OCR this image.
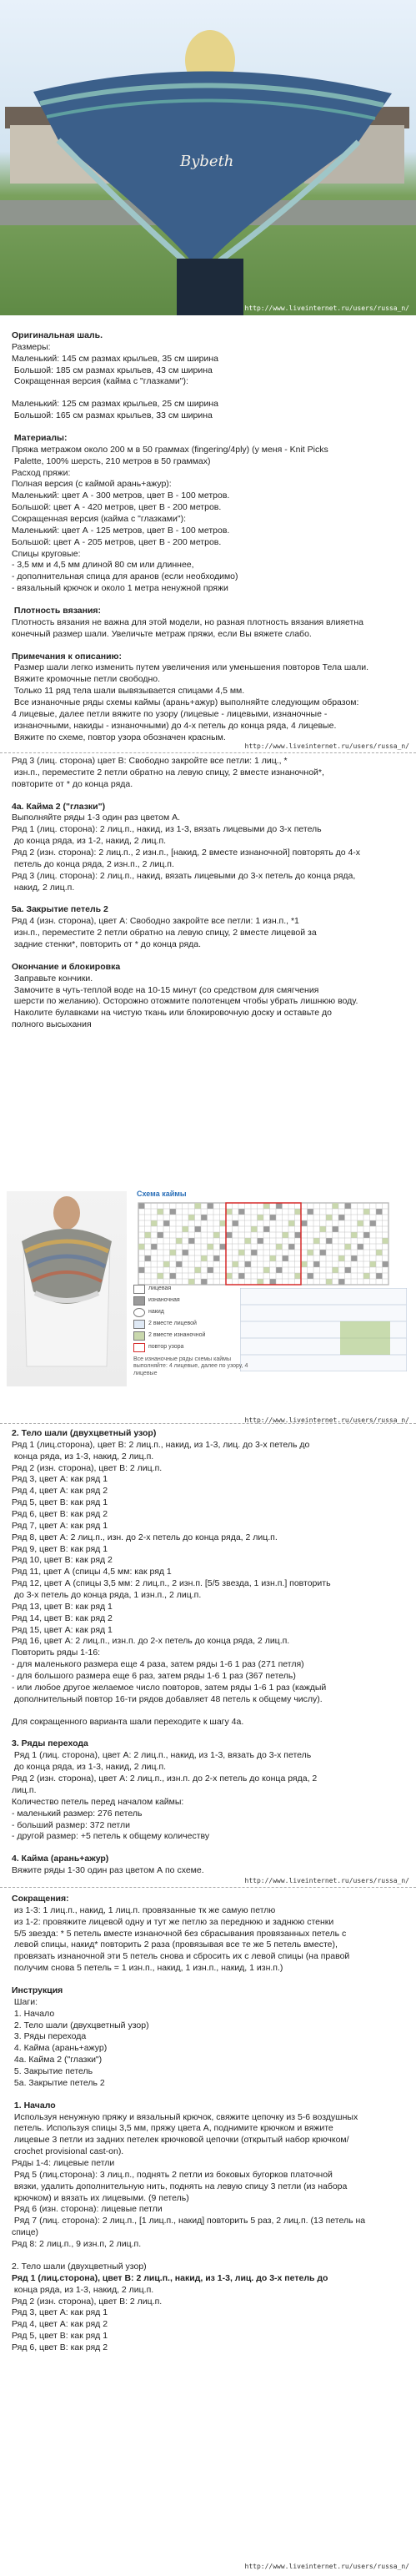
Bybeth
http://www.liveinternet.ru/users/russa_n/
Оригинальная шаль.
Размеры:
Маленький: 145 см размах крыльев, 35 см ширина
Большой: 185 см размах крыльев, 43 см ширина
Сокращенная версия (кайма с "глазками"):
Маленький: 125 см размах крыльев, 25 см ширина
Большой: 165 см размах крыльев, 33 см ширина
Материалы:
Пряжа метражом около 200 м в 50 граммах (fingering/4ply) (у меня - Knit Picks
Palette, 100% шерсть, 210 метров в 50 граммах)
Расход пряжи:
Полная версия (с каймой арань+ажур):
Маленький: цвет А - 300 метров, цвет В - 100 метров.
Большой: цвет А - 420 метров, цвет В - 200 метров.
Сокращенная версия (кайма с "глазками"):
Маленький: цвет А - 125 метров, цвет В - 100 метров.
Большой: цвет А - 205 метров, цвет В - 200 метров.
Спицы круговые:
- 3,5 мм и 4,5 мм длиной 80 см или длиннее,
- дополнительная спица для аранов (если необходимо)
- вязальный крючок и около 1 метра ненужной пряжи
Плотность вязания:
Плотность вязания не важна для этой модели, но разная плотность вязания влияетна
конечный размер шали. Увеличьте метраж пряжи, если Вы вяжете слабо.
Примечания к описанию:
Размер шали легко изменить путем увеличения или уменьшения повторов Тела шали.
Вяжите кромочные петли свободно.
Только 11 ряд тела шали вывязывается спицами 4,5 мм.
Все изнаночные ряды схемы каймы (арань+ажур) выполняйте следующим образом:
4 лицевые, далее петли вяжите по узору (лицевые - лицевыми, изнаночные -
изнаночными, накиды - изнаночными) до 4-х петель до конца ряда, 4 лицевые.
Вяжите по схеме, повтор узора обозначен красным.
http://www.liveinternet.ru/users/russa_n/
Ряд 3 (лиц. сторона) цвет В: Свободно закройте все петли: 1 лиц., *
изн.п., переместите 2 петли обратно на левую спицу, 2 вместе изнаночной*,
повторите от * до конца ряда.
4а. Кайма 2 ("глазки")
Выполняйте ряды 1-3 один раз цветом А.
Ряд 1 (лиц. сторона): 2 лиц.п., накид, из 1-3, вязать лицевыми до 3-х петель
до конца ряда, из 1-2, накид, 2 лиц.п.
Ряд 2 (изн. сторона): 2 лиц.п., 2 изн.п., [накид, 2 вместе изнаночной] повторять до 4-х
петель до конца ряда, 2 изн.п., 2 лиц.п.
Ряд 3 (лиц. сторона): 2 лиц.п., накид, вязать лицевыми до 3-х петель до конца ряда,
накид, 2 лиц.п.
5а. Закрытие петель 2
Ряд 4 (изн. сторона), цвет А: Свободно закройте все петли: 1 изн.п., *1
изн.п., переместите 2 петли обратно на левую спицу, 2 вместе лицевой за
задние стенки*, повторить от * до конца ряда.
Окончание и блокировка
Заправьте кончики.
Замочите в чуть-теплой воде на 10-15 минут (со средством для смягчения
шерсти по желанию). Осторожно отожмите полотенцем чтобы убрать лишнюю воду.
Наколите булавками на чистую ткань или блокировочную доску и оставьте до
полного высыхания
Схема каймы
лицевая
изнаночная
накид
2 вместе лицевой
2 вместе изнаночной
повтор узора
Все изнаночные ряды схемы каймы выполняйте: 4 лицевые, далее по узору, 4 лицевые
http://www.liveinternet.ru/users/russa_n/
2. Тело шали (двухцветный узор)
Ряд 1 (лиц.сторона), цвет В: 2 лиц.п., накид, из 1-3, лиц. до 3-х петель до
конца ряда, из 1-3, накид, 2 лиц.п.
Ряд 2 (изн. сторона), цвет В: 2 лиц.п.
Ряд 3, цвет А: как ряд 1
Ряд 4, цвет А: как ряд 2
Ряд 5, цвет В: как ряд 1
Ряд 6, цвет В: как ряд 2
Ряд 7, цвет А: как ряд 1
Ряд 8, цвет А: 2 лиц.п., изн. до 2-х петель до конца ряда, 2 лиц.п.
Ряд 9, цвет В: как ряд 1
Ряд 10, цвет В: как ряд 2
Ряд 11, цвет А (спицы 4,5 мм: как ряд 1
Ряд 12, цвет А (спицы 3,5 мм: 2 лиц.п., 2 изн.п. [5/5 звезда, 1 изн.п.] повторить
до 3-х петель до конца ряда, 1 изн.п., 2 лиц.п.
Ряд 13, цвет В: как ряд 1
Ряд 14, цвет В: как ряд 2
Ряд 15, цвет А: как ряд 1
Ряд 16, цвет А: 2 лиц.п., изн.п. до 2-х петель до конца ряда, 2 лиц.п.
Повторить ряды 1-16:
- для маленького размера еще 4 раза, затем ряды 1-6 1 раз (271 петля)
- для большого размера еще 6 раз, затем ряды 1-6 1 раз (367 петель)
- или любое другое желаемое число повторов, затем ряды 1-6 1 раз (каждый
дополнительный повтор 16-ти рядов добавляет 48 петель к общему числу).
Для сокращенного варианта шали переходите к шагу 4а.
3. Ряды перехода
Ряд 1 (лиц. сторона), цвет А: 2 лиц.п., накид, из 1-3, вязать до 3-х петель
до конца ряда, из 1-3, накид, 2 лиц.п.
Ряд 2 (изн. сторона), цвет А: 2 лиц.п., изн.п. до 2-х петель до конца ряда, 2
лиц.п.
Количество петель перед началом каймы:
- маленький размер: 276 петель
- больший размер: 372 петли
- другой размер: +5 петель к общему количеству
4. Кайма (арань+ажур)
Вяжите ряды 1-30 один раз цветом А по схеме.
http://www.liveinternet.ru/users/russa_n/
Сокращения:
из 1-3: 1 лиц.п., накид, 1 лиц.п. провязанные тк же самую петлю
из 1-2: провяжите лицевой одну и тут же петлю за переднюю и заднюю стенки
5/5 звезда: * 5 петель вместе изнаночной без сбрасывания провязанных петель с
левой спицы, накид* повторить 2 раза (провязывая все те же 5 петель вместе),
провязать изнаночной эти 5 петель снова и сбросить их с левой спицы (на правой
получим снова 5 петель = 1 изн.п., накид, 1 изн.п., накид, 1 изн.п.)
Инструкция
Шаги:
1. Начало
2. Тело шали (двухцветный узор)
3. Ряды перехода
4. Кайма (арань+ажур)
4а. Кайма 2 ("глазки")
5. Закрытие петель
5а. Закрытие петель 2
1. Начало
Используя ненужную пряжу и вязальный крючок, свяжите цепочку из 5-6 воздушных
петель. Используя спицы 3,5 мм, пряжу цвета А, поднимите крючком и вяжите
лицевые 3 петли из задних петелек крючковой цепочки (открытый набор крючком/
crochet provisional cast-on).
Ряды 1-4: лицевые петли
Ряд 5 (лиц.сторона): 3 лиц.п., поднять 2 петли из боковых бугорков платочной
вязки, удалить дополнительную нить, поднять на левую спицу 3 петли (из набора
крючком) и вязать их лицевыми. (9 петель)
Ряд 6 (изн. сторона): лицевые петли
Ряд 7 (лиц. сторона): 2 лиц.п., [1 лиц.п., накид] повторить 5 раз, 2 лиц.п. (13 петель на
спице)
Ряд 8: 2 лиц.п., 9 изн.п, 2 лиц.п.
2. Тело шали (двухцветный узор)
Ряд 1 (лиц.сторона), цвет В: 2 лиц.п., накид, из 1-3, лиц. до 3-х петель до
конца ряда, из 1-3, накид, 2 лиц.п.
Ряд 2 (изн. сторона), цвет В: 2 лиц.п.
Ряд 3, цвет А: как ряд 1
Ряд 4, цвет А: как ряд 2
Ряд 5, цвет В: как ряд 1
Ряд 6, цвет В: как ряд 2
http://www.liveinternet.ru/users/russa_n/
